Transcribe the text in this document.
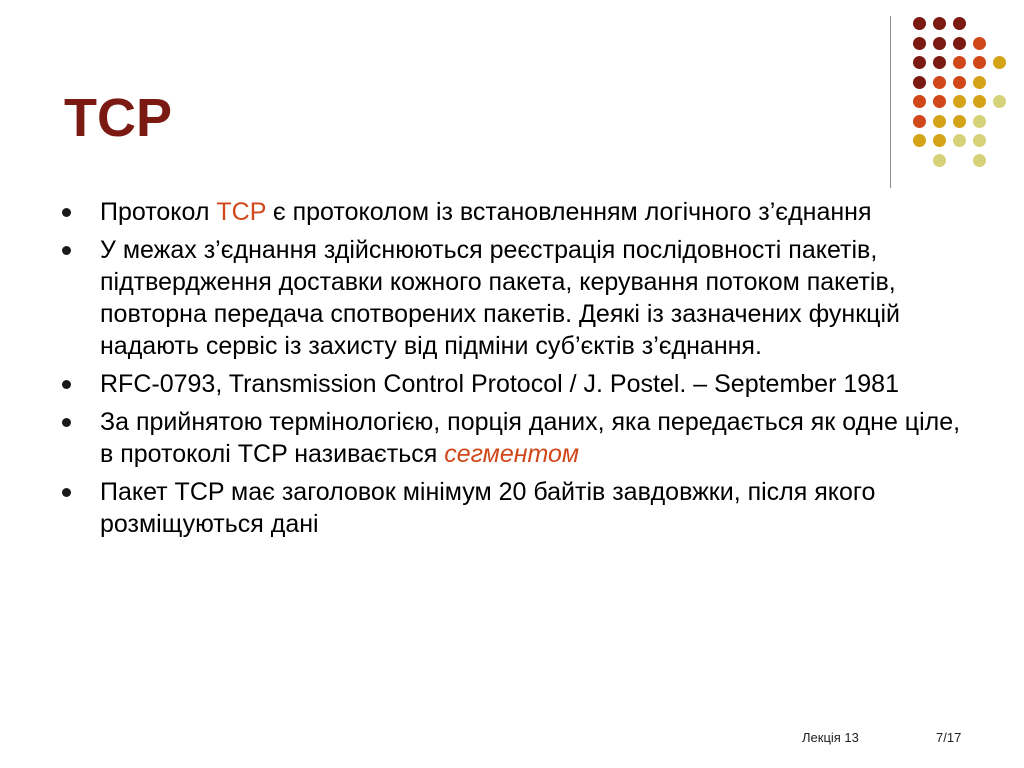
TCP
Протокол TCP є протоколом із встановленням логічного з’єднання
У межах з’єднання здійснюються реєстрація послідовності пакетів, підтвердження доставки кожного пакета, керування потоком пакетів, повторна передача спотворених пакетів. Деякі із зазначених функцій надають сервіс із захисту від підміни суб’єктів з’єднання.
RFC-0793, Transmission Control Protocol / J. Postel. – September 1981
За прийнятою термінологією, порція даних, яка передається як одне ціле, в протоколі TCP називається сегментом
Пакет TCP має заголовок мінімум 20 байтів завдовжки, після якого розміщуються дані
Лекція 13	7/17
